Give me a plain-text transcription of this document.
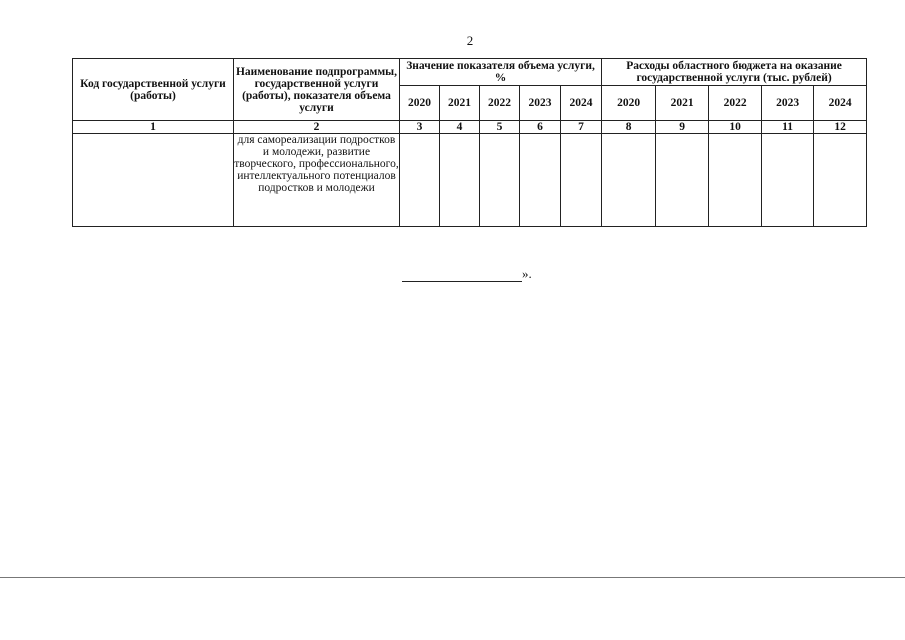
2
Код государственной услуги (работы)	Наименование подпрограммы, государственной услуги (работы), показателя объема услуги	Значение показателя объема услуги, %					Расходы областного бюджета на оказание государственной услуги (тыс. рублей)				
		2020	2021	2022	2023	2024	2020	2021	2022	2023	2024
1	2	3	4	5	6	7	8	9	10	11	12
	для самореализации подростков и молодежи, развитие творческого, профессионального, интеллектуального потенциалов подростков и молодежи										
».
